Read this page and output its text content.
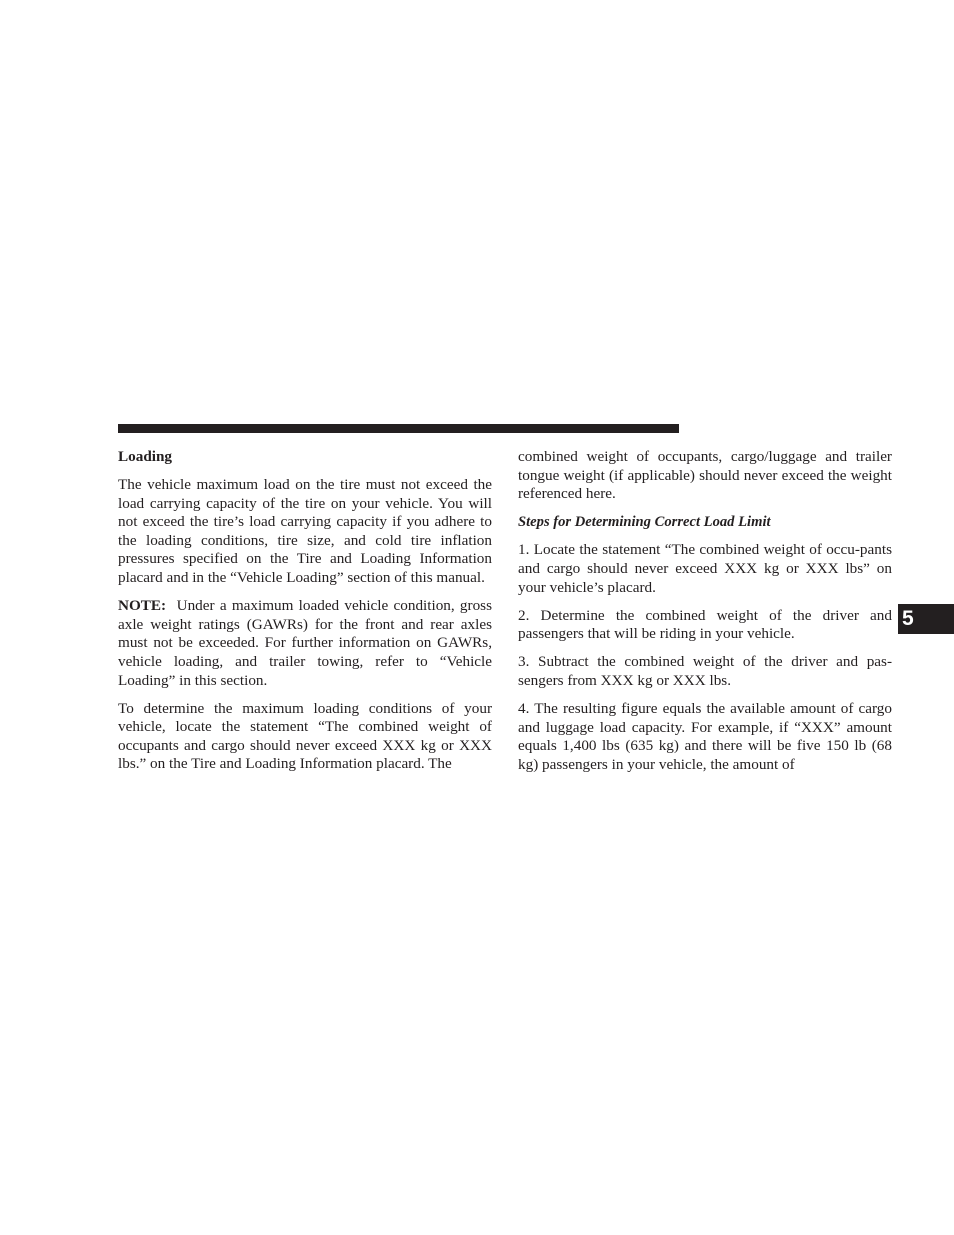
Loading

The vehicle maximum load on the tire must not exceed the load carrying capacity of the tire on your vehicle. You will not exceed the tire’s load carrying capacity if you adhere to the loading conditions, tire size, and cold tire inflation pressures specified on the Tire and Loading Information placard and in the “Vehicle Loading” section of this manual.

NOTE: Under a maximum loaded vehicle condition, gross axle weight ratings (GAWRs) for the front and rear axles must not be exceeded. For further information on GAWRs, vehicle loading, and trailer towing, refer to “Vehicle Loading” in this section.

To determine the maximum loading conditions of your vehicle, locate the statement “The combined weight of occupants and cargo should never exceed XXX kg or XXX lbs.” on the Tire and Loading Information placard. The

combined weight of occupants, cargo/luggage and trailer tongue weight (if applicable) should never exceed the weight referenced here.

Steps for Determining Correct Load Limit

1. Locate the statement “The combined weight of occu-pants and cargo should never exceed XXX kg or XXX lbs” on your vehicle’s placard.

2. Determine the combined weight of the driver and passengers that will be riding in your vehicle.

3. Subtract the combined weight of the driver and pas-sengers from XXX kg or XXX lbs.

4. The resulting figure equals the available amount of cargo and luggage load capacity. For example, if “XXX” amount equals 1,400 lbs (635 kg) and there will be five 150 lb (68 kg) passengers in your vehicle, the amount of

5
